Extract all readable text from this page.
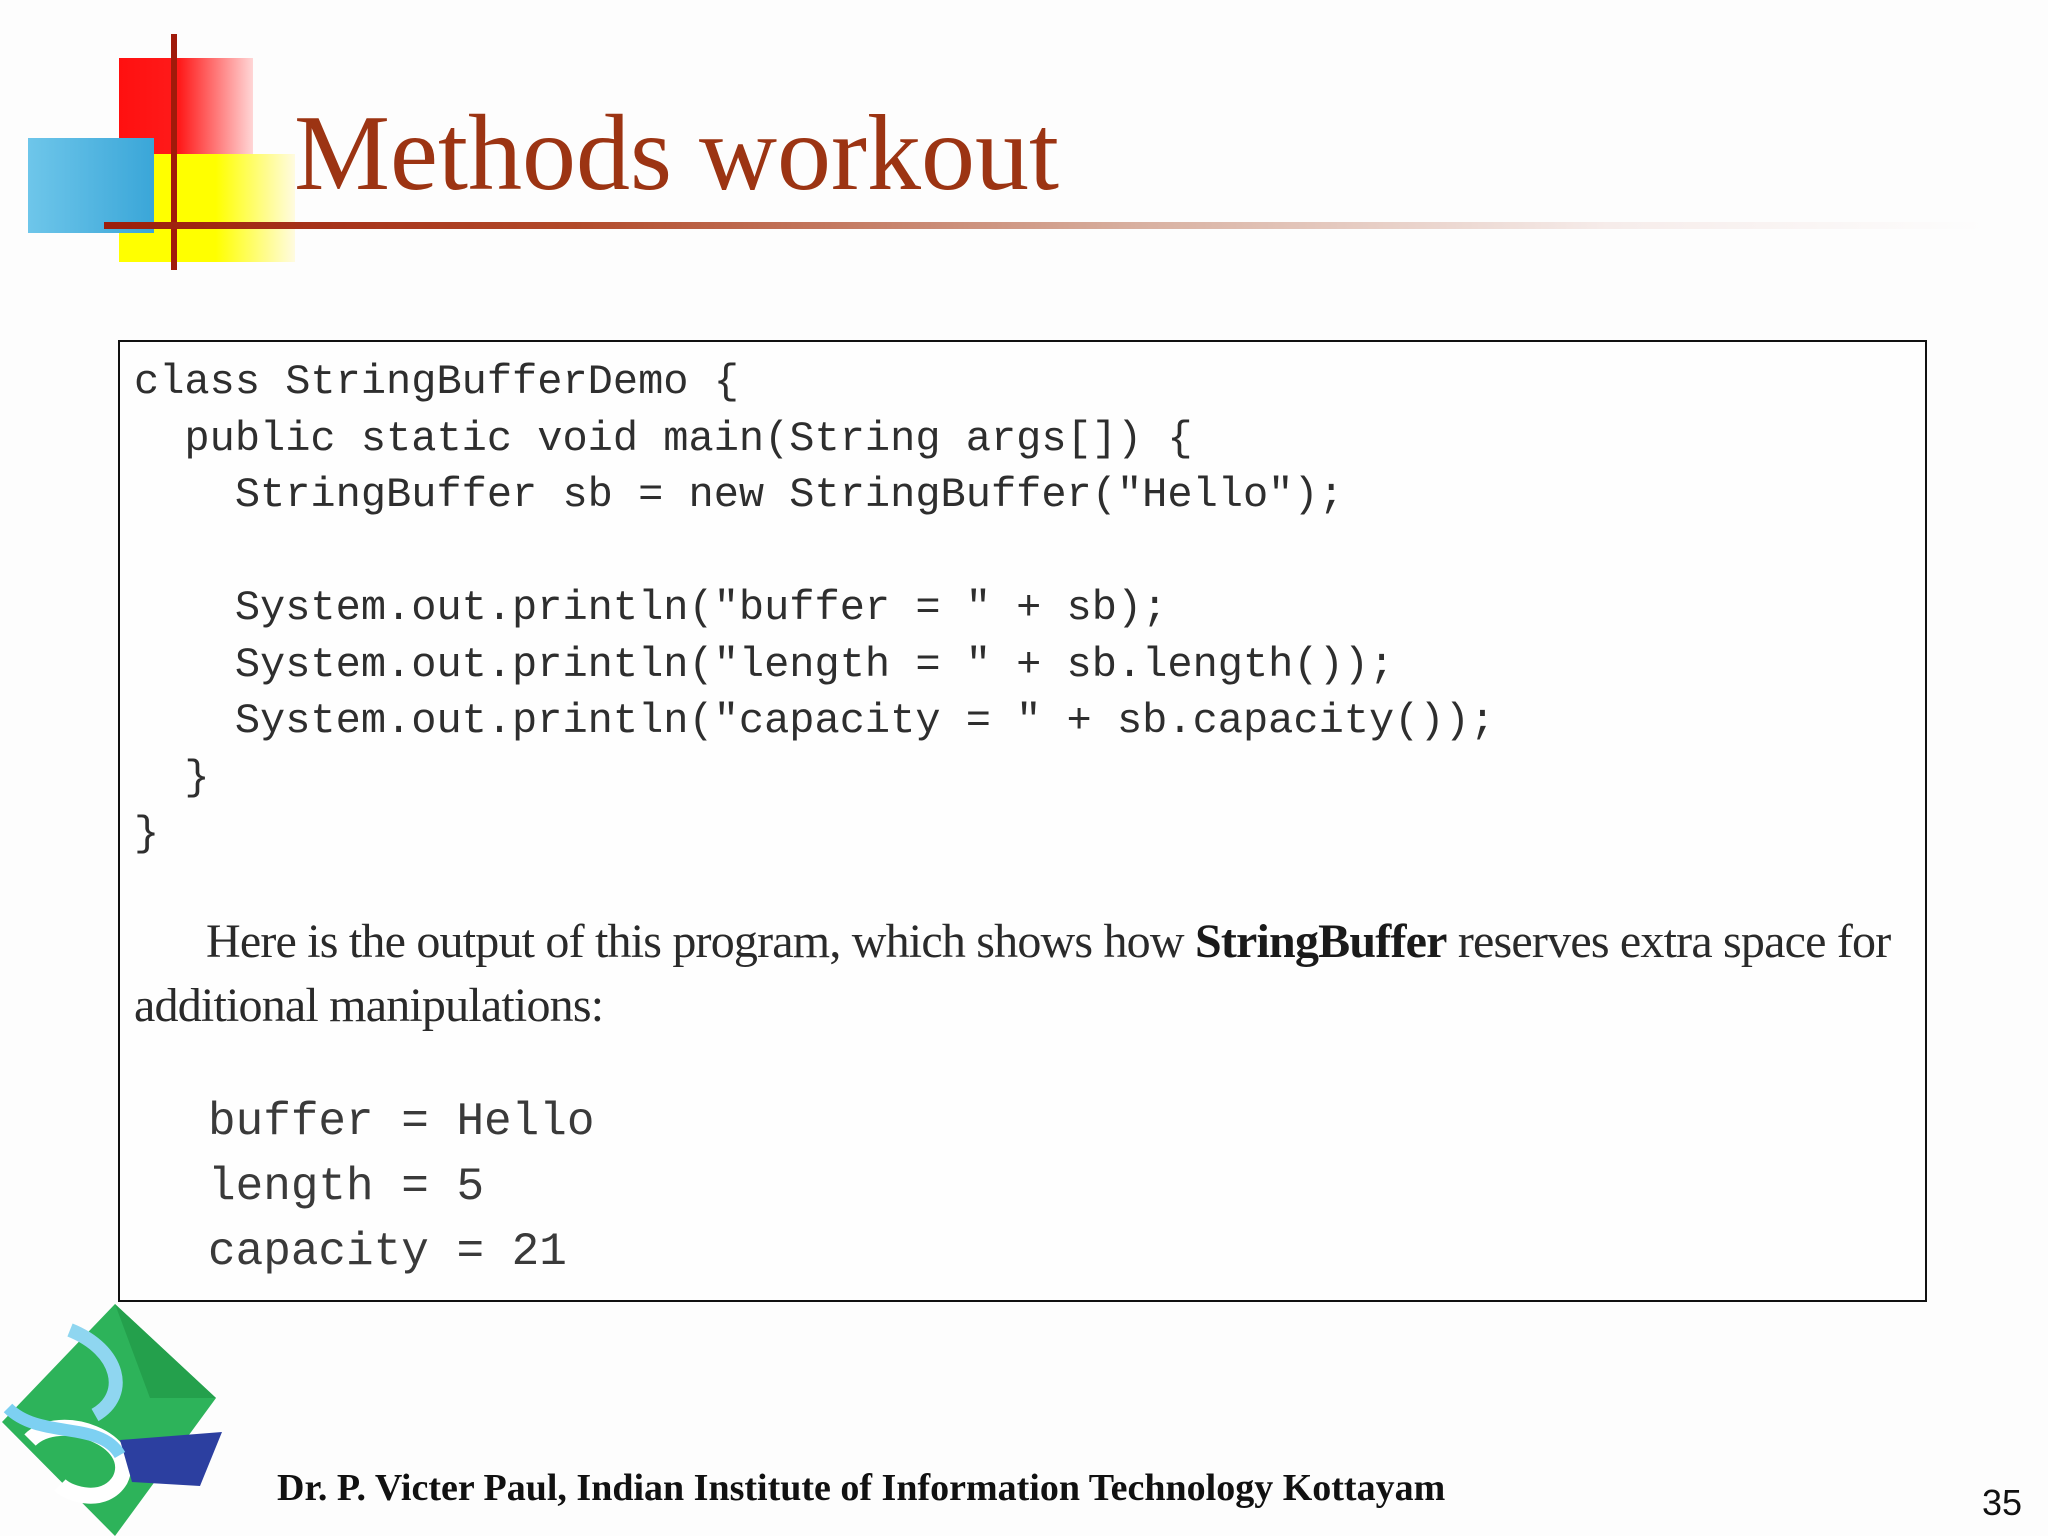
Methods workout
class StringBufferDemo {
public static void main(String args[]) {
StringBuffer sb = new StringBuffer("Hello");

System.out.println("buffer = " + sb);
System.out.println("length = " + sb.length());
System.out.println("capacity = " + sb.capacity());
}
}

Here is the output of this program, which shows how StringBuffer reserves extra space for additional manipulations:

buffer = Hello
length = 5
capacity = 21

Dr. P. Victer Paul, Indian Institute of Information Technology Kottayam	35
